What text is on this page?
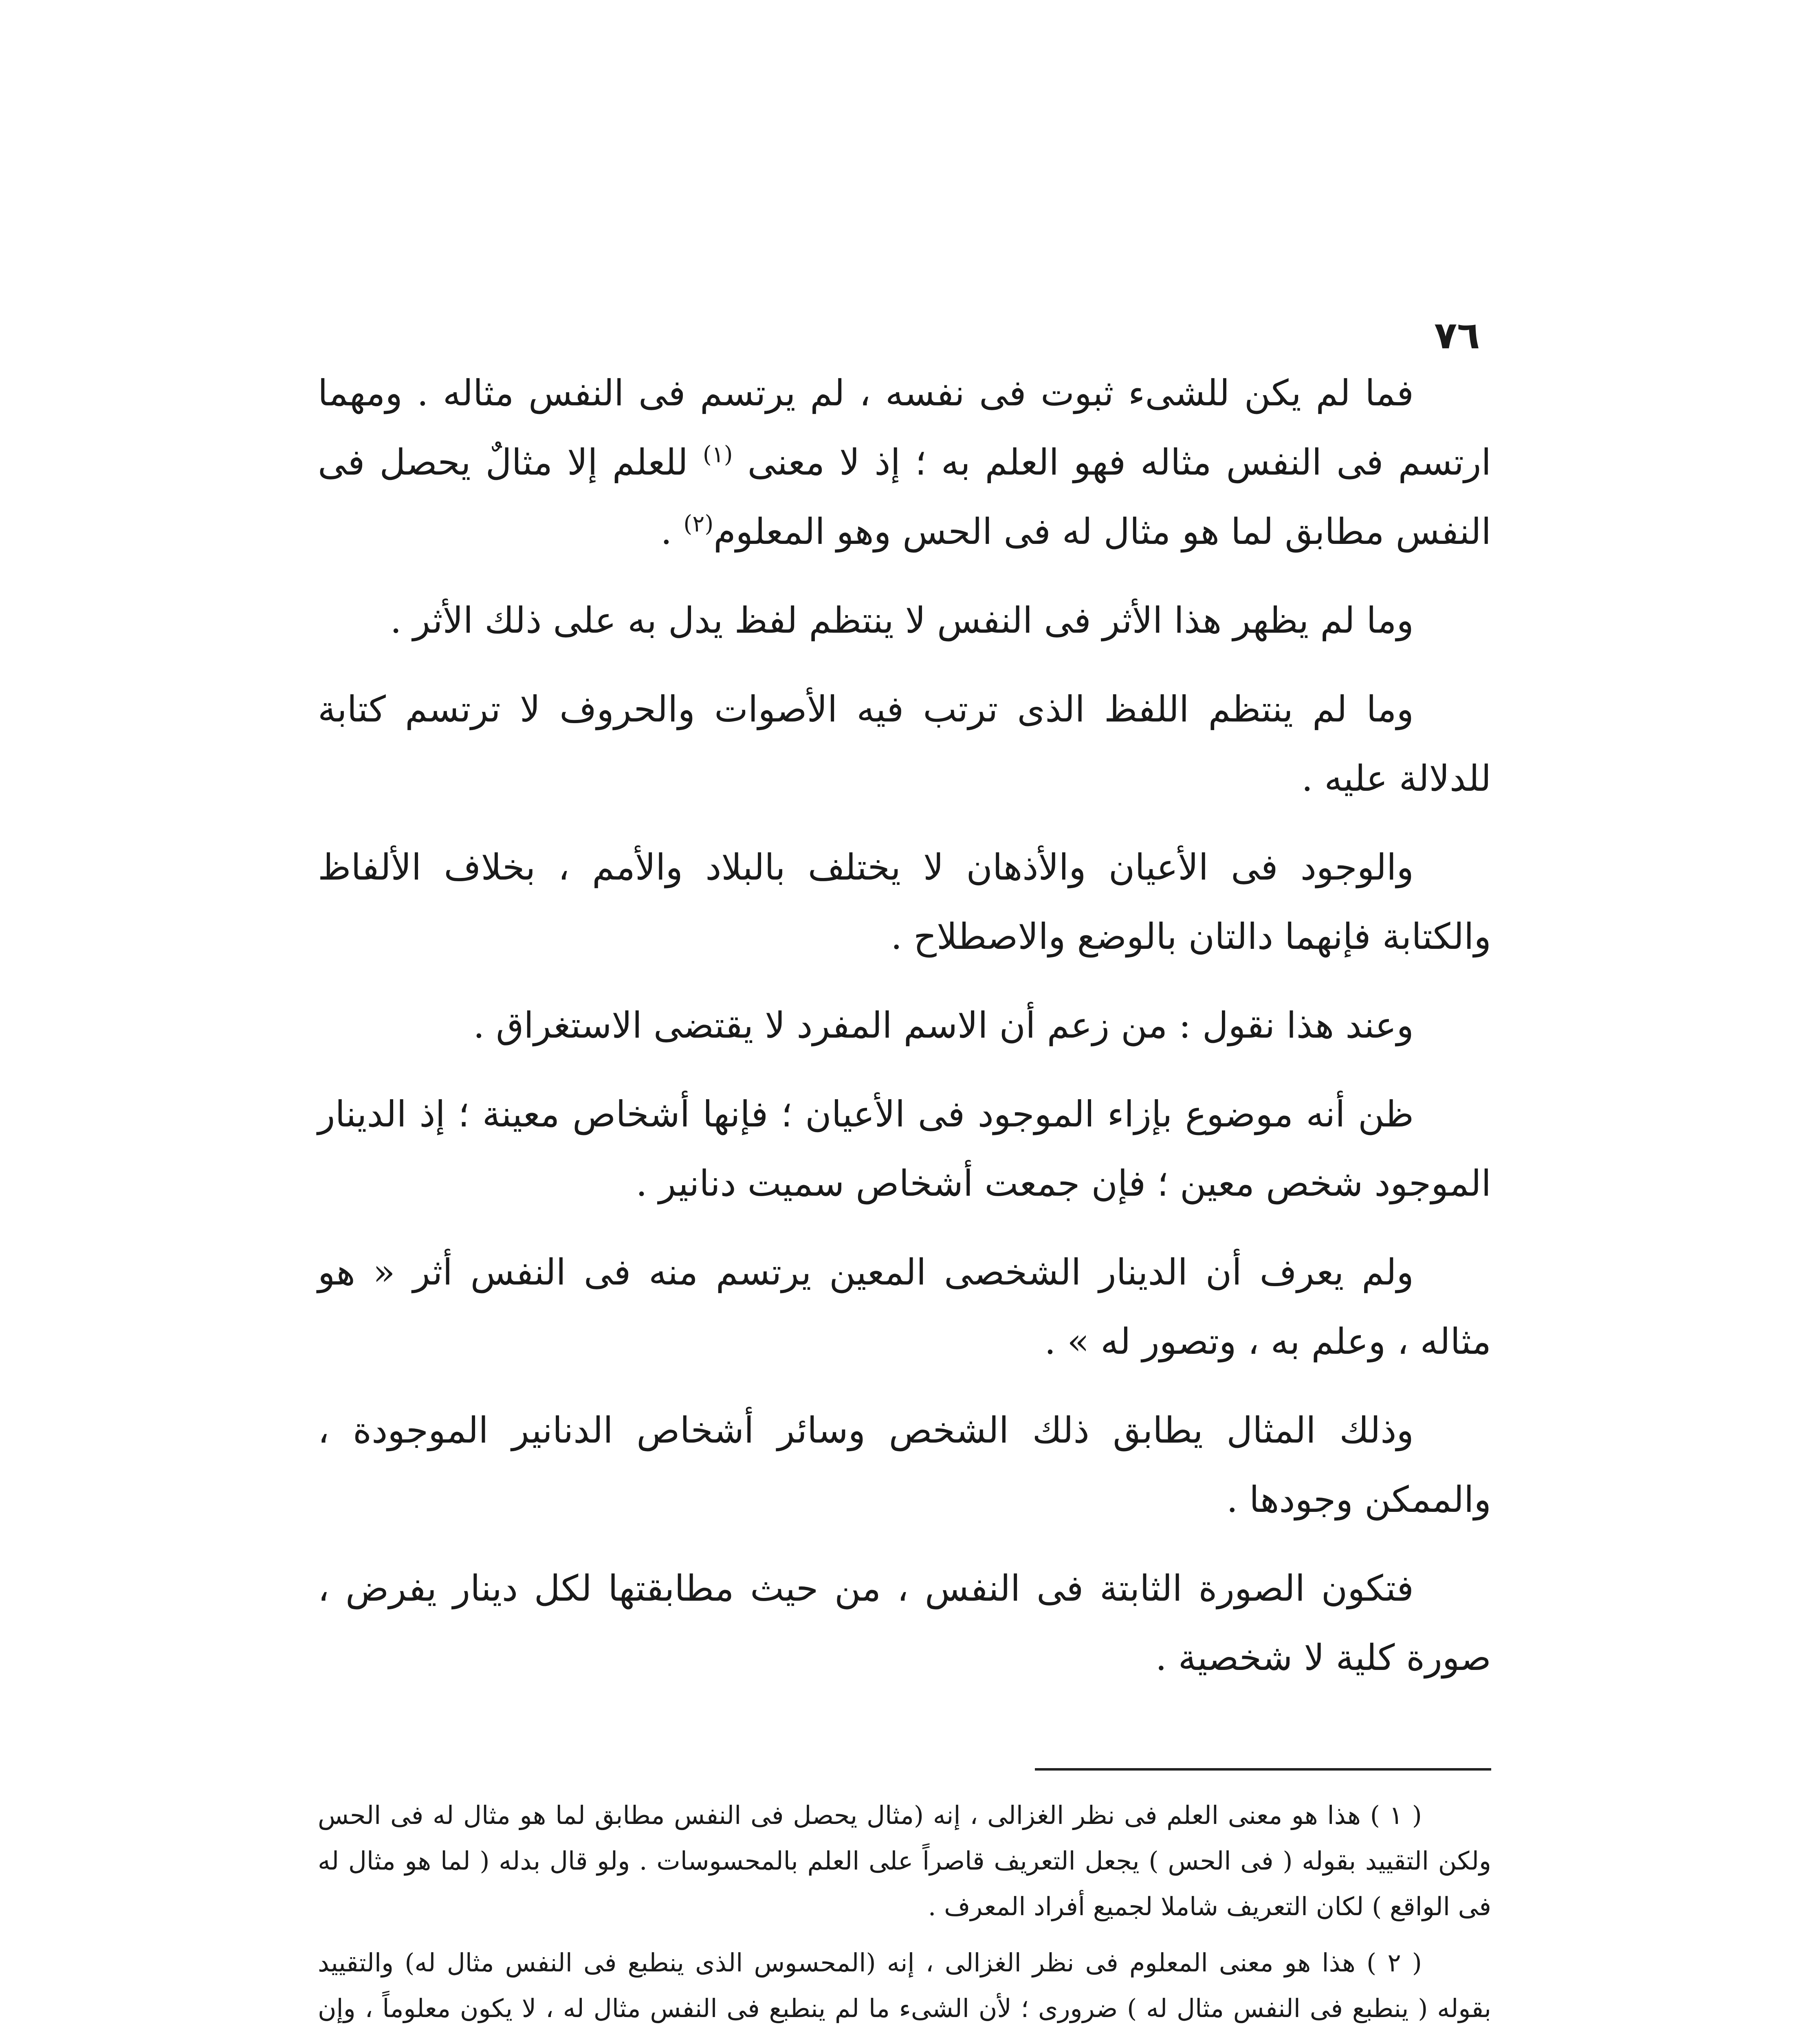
٧٦

فما لم يكن للشىء ثبوت فى نفسه ، لم يرتسم فى النفس مثاله . ومهما ارتسم فى النفس مثاله فهو العلم به ؛ إذ لا معنى $^{(١)}$ للعلم إلا مثالٌ يحصل فى النفس مطابق لما هو مثال له فى الحس وهو المعلوم$^{(٢)}$ .

وما لم يظهر هذا الأثر فى النفس لا ينتظم لفظ يدل به على ذلك الأثر .

وما لم ينتظم اللفظ الذى ترتب فيه الأصوات والحروف لا ترتسم كتابة للدلالة عليه .

والوجود فى الأعيان والأذهان لا يختلف بالبلاد والأمم ، بخلاف الألفاظ والكتابة فإنهما دالتان بالوضع والاصطلاح .

وعند هذا نقول : من زعم أن الاسم المفرد لا يقتضى الاستغراق .

ظن أنه موضوع بإزاء الموجود فى الأعيان ؛ فإنها أشخاص معينة ؛ إذ الدينار الموجود شخص معين ؛ فإن جمعت أشخاص سميت دنانير .

ولم يعرف أن الدينار الشخصى المعين يرتسم منه فى النفس أثر « هو مثاله ، وعلم به ، وتصور له » .

وذلك المثال يطابق ذلك الشخص وسائر أشخاص الدنانير الموجودة ، والممكن وجودها .

فتكون الصورة الثابتة فى النفس ، من حيث مطابقتها لكل دينار يفرض ، صورة كلية لا شخصية .

( ١ ) هذا هو معنى العلم فى نظر الغزالى ، إنه (مثال يحصل فى النفس مطابق لما هو مثال له فى الحس ولكن التقييد بقوله ( فى الحس ) يجعل التعريف قاصراً على العلم بالمحسوسات . ولو قال بدله ( لما هو مثال له فى الواقع ) لكان التعريف شاملا لجميع أفراد المعرف .

( ٢ ) هذا هو معنى المعلوم فى نظر الغزالى ، إنه (المحسوس الذى ينطبع فى النفس مثال له) والتقييد بقوله ( ينطبع فى النفس مثال له ) ضرورى ؛ لأن الشىء ما لم ينطبع فى النفس مثال له ، لا يكون معلوماً ، وإن
